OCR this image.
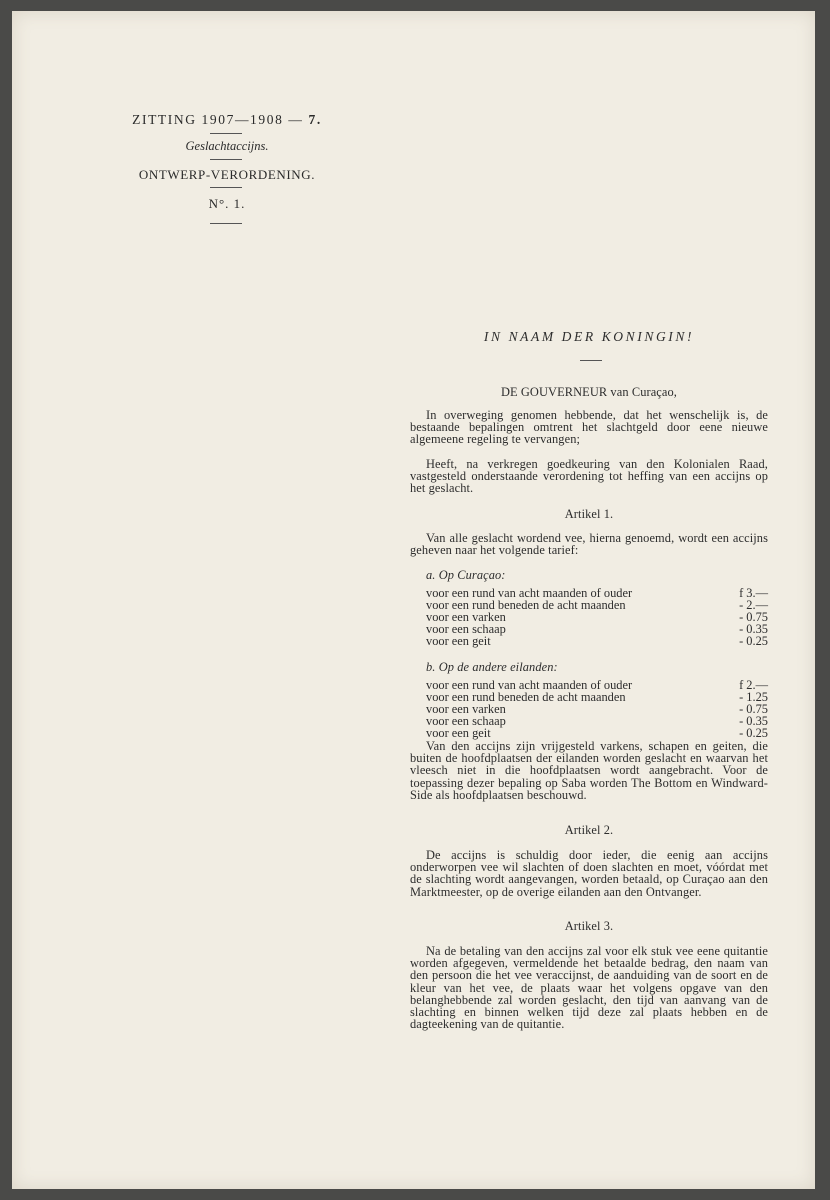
ZITTING 1907—1908 — 7.
Geslachtaccijns.
ONTWERP-VERORDENING.
N°. 1.
IN NAAM DER KONINGIN!
DE GOUVERNEUR van Curaçao,
In overweging genomen hebbende, dat het wenschelijk is, de bestaande bepalingen omtrent het slachtgeld door eene nieuwe algemeene regeling te vervangen;
Heeft, na verkregen goedkeuring van den Kolonialen Raad, vastgesteld onderstaande verordening tot heffing van een accijns op het geslacht.
Artikel 1.
Van alle geslacht wordend vee, hierna genoemd, wordt een accijns geheven naar het volgende tarief:
a. Op Curaçao:
voor een rund van acht maanden of ouder	f 3.—
voor een rund beneden de acht maanden	- 2.—
voor een varken	- 0.75
voor een schaap	- 0.35
voor een geit	- 0.25
b. Op de andere eilanden:
voor een rund van acht maanden of ouder	f 2.—
voor een rund beneden de acht maanden	- 1.25
voor een varken	- 0.75
voor een schaap	- 0.35
voor een geit	- 0.25
Van den accijns zijn vrijgesteld varkens, schapen en geiten, die buiten de hoofdplaatsen der eilanden worden geslacht en waarvan het vleesch niet in die hoofdplaatsen wordt aangebracht. Voor de toepassing dezer bepaling op Saba worden The Bottom en Windward-Side als hoofdplaatsen beschouwd.
Artikel 2.
De accijns is schuldig door ieder, die eenig aan accijns onderworpen vee wil slachten of doen slachten en moet, vóórdat met de slachting wordt aangevangen, worden betaald, op Curaçao aan den Marktmeester, op de overige eilanden aan den Ontvanger.
Artikel 3.
Na de betaling van den accijns zal voor elk stuk vee eene quitantie worden afgegeven, vermeldende het betaalde bedrag, den naam van den persoon die het vee veraccijnst, de aanduiding van de soort en de kleur van het vee, de plaats waar het volgens opgave van den belanghebbende zal worden geslacht, den tijd van aanvang van de slachting en binnen welken tijd deze zal plaats hebben en de dagteekening van de quitantie.
